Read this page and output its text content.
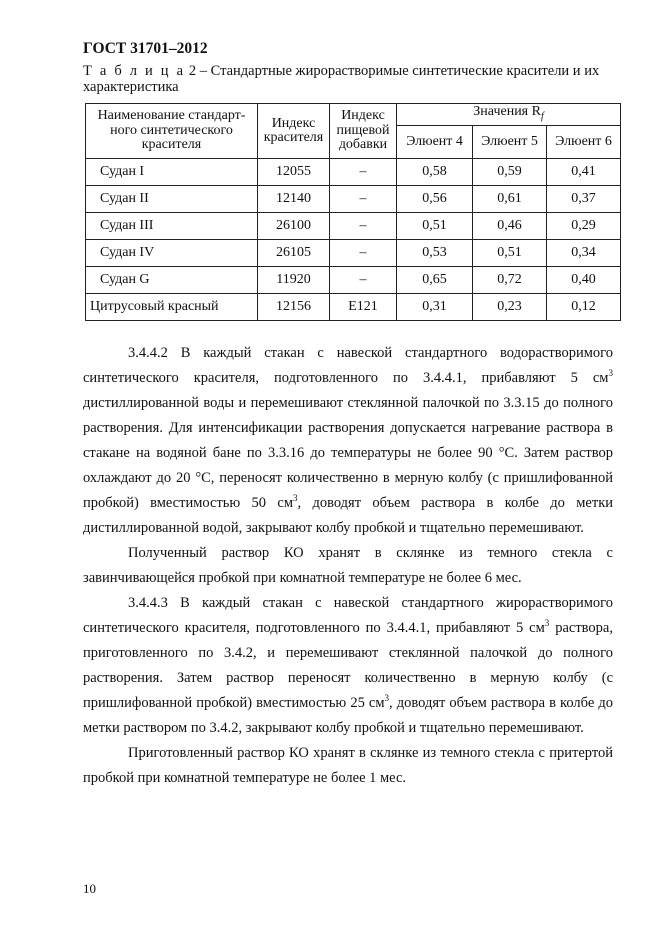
ГОСТ 31701–2012
Т а б л и ц а 2 – Стандартные жирорастворимые синтетические красители и их характеристика
Наименование стандарт-ного синтетического красителя	Индекс красителя	Индекс пищевой добавки	Значения $R_f$
			Элюент 4	Элюент 5	Элюент 6
Судан I	12055	–	0,58	0,59	0,41
Судан II	12140	–	0,56	0,61	0,37
Судан III	26100	–	0,51	0,46	0,29
Судан IV	26105	–	0,53	0,51	0,34
Судан G	11920	–	0,65	0,72	0,40
Цитрусовый красный	12156	E121	0,31	0,23	0,12

3.4.4.2 В каждый стакан с навеской стандартного водорастворимого синтетического красителя, подготовленного по 3.4.4.1, прибавляют 5 $см^3$ дистиллированной воды и перемешивают стеклянной палочкой по 3.3.15 до полного растворения. Для интенсификации растворения допускается нагревание раствора в стакане на водяной бане по 3.3.16 до температуры не более 90 °С. Затем раствор охлаждают до 20 °С, переносят количественно в мерную колбу (с пришлифованной пробкой) вместимостью 50 $см^3$, доводят объем раствора в колбе до метки дистиллированной водой, закрывают колбу пробкой и тщательно перемешивают.

Полученный раствор КО хранят в склянке из темного стекла с завинчивающейся пробкой при комнатной температуре не более 6 мес.

3.4.4.3 В каждый стакан с навеской стандартного жирорастворимого синтетического красителя, подготовленного по 3.4.4.1, прибавляют 5 $см^3$ раствора, приготовленного по 3.4.2, и перемешивают стеклянной палочкой до полного растворения. Затем раствор переносят количественно в мерную колбу (с пришлифованной пробкой) вместимостью 25 $см^3$, доводят объем раствора в колбе до метки раствором по 3.4.2, закрывают колбу пробкой и тщательно перемешивают.

Приготовленный раствор КО хранят в склянке из темного стекла с притертой пробкой при комнатной температуре не более 1 мес.

10
